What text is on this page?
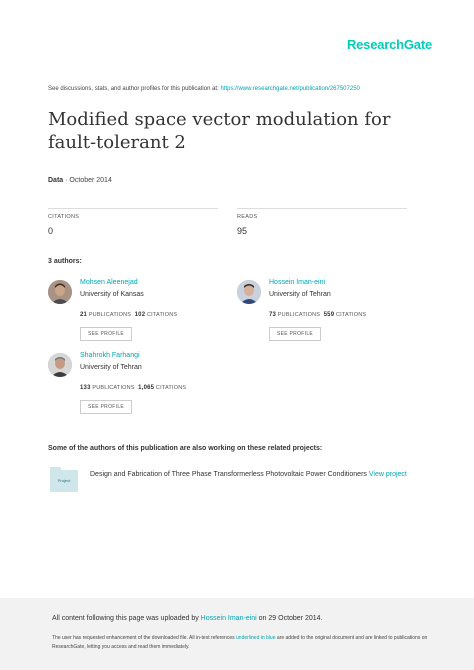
ResearchGate
See discussions, stats, and author profiles for this publication at: https://www.researchgate.net/publication/267507250
Modified space vector modulation for fault-tolerant 2
Data · October 2014
CITATIONS
0
READS
95
3 authors:
Mohsen Aleenejad
University of Kansas
21 PUBLICATIONS 102 CITATIONS
SEE PROFILE
Hossein Iman-eini
University of Tehran
73 PUBLICATIONS 559 CITATIONS
SEE PROFILE
Shahrokh Farhangi
University of Tehran
133 PUBLICATIONS 1,065 CITATIONS
SEE PROFILE
Some of the authors of this publication are also working on these related projects:
Project
Design and Fabrication of Three Phase Transformerless Photovoltaic Power Conditioners View project
All content following this page was uploaded by Hossein Iman-eini on 29 October 2014.
The user has requested enhancement of the downloaded file. All in-text references underlined in blue are added to the original document and are linked to publications on ResearchGate, letting you access and read them immediately.
